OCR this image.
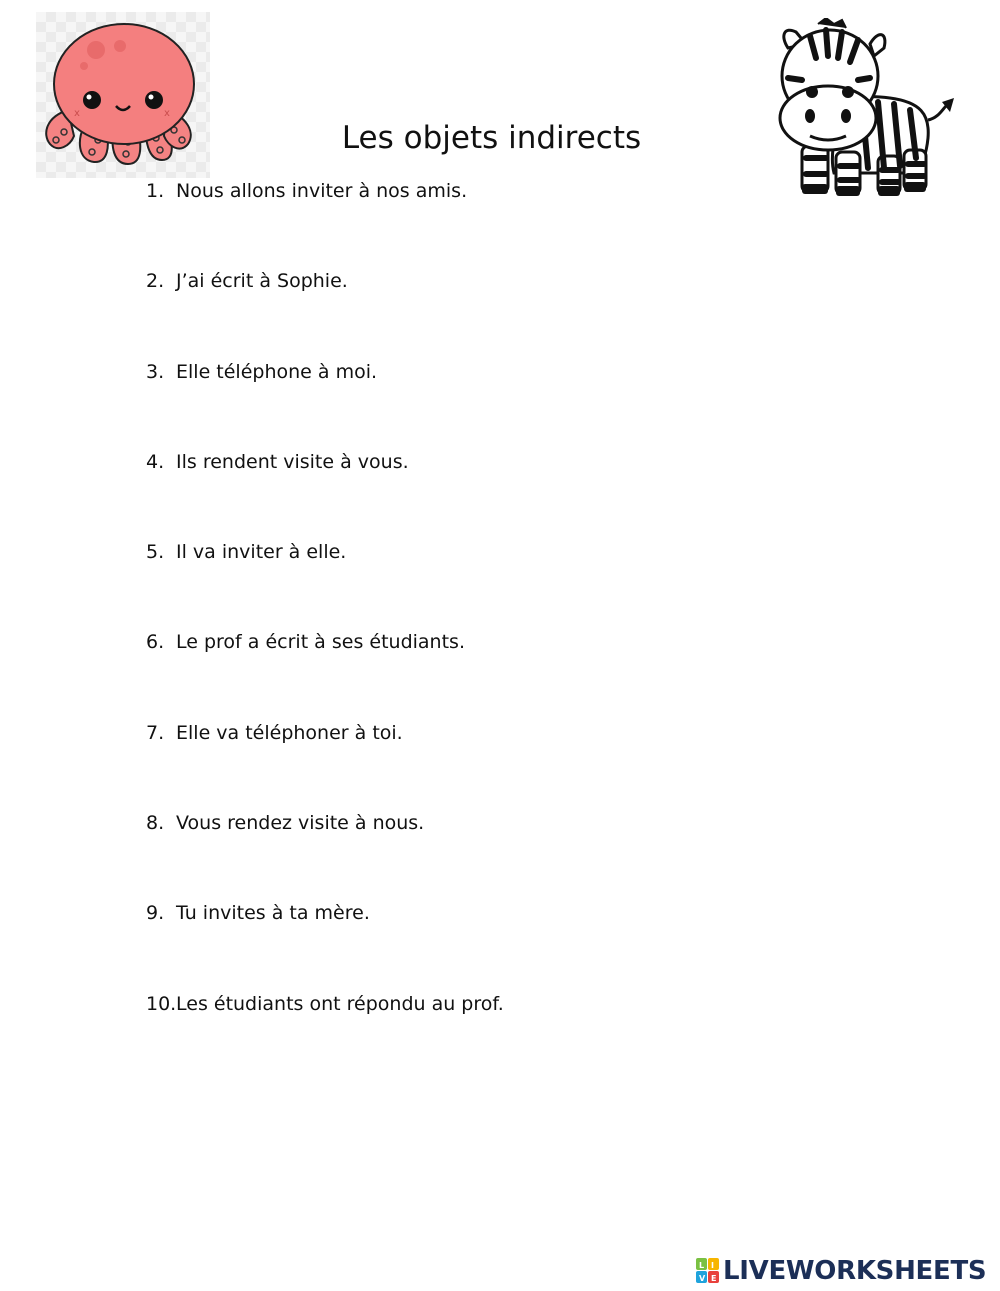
x	x
Les objets indirects
1. Nous allons inviter à nos amis.
2. J’ai écrit à Sophie.
3. Elle téléphone à moi.
4. Ils rendent visite à vous.
5. Il va inviter à elle.
6. Le prof a écrit à ses étudiants.
7. Elle va téléphoner à toi.
8. Vous rendez visite à nous.
9. Tu invites à ta mère.
10.Les étudiants ont répondu au prof.
L I
V E LIVEWORKSHEETS
